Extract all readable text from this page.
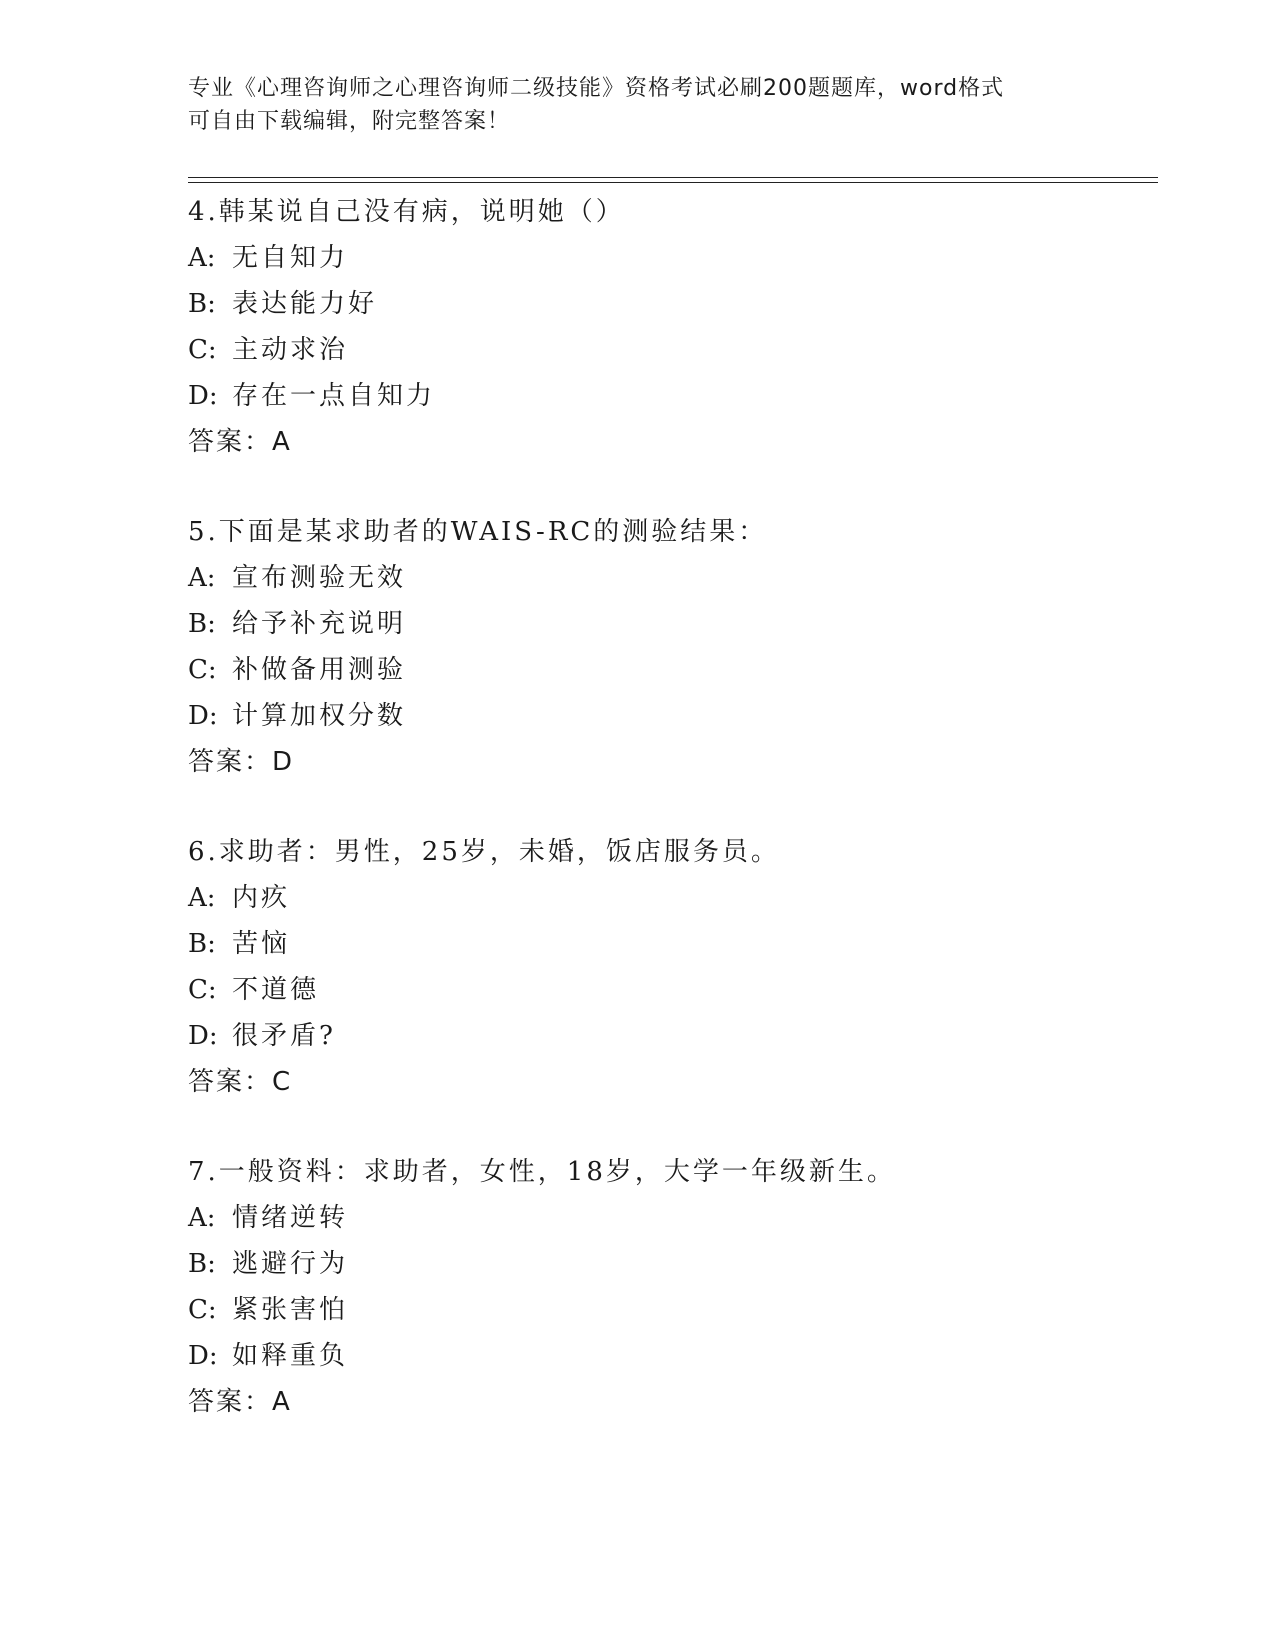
专业《心理咨询师之心理咨询师二级技能》资格考试必刷200题题库，word格式
可自由下载编辑，附完整答案！
4.韩某说自己没有病，说明她（）
A: 无自知力
B: 表达能力好
C: 主动求治
D: 存在一点自知力
答案：A
5.下面是某求助者的WAIS-RC的测验结果：
A: 宣布测验无效
B: 给予补充说明
C: 补做备用测验
D: 计算加权分数
答案：D
6.求助者：男性，25岁，未婚，饭店服务员。
A: 内疚
B: 苦恼
C: 不道德
D: 很矛盾?
答案：C
7.一般资料：求助者，女性，18岁，大学一年级新生。
A: 情绪逆转
B: 逃避行为
C: 紧张害怕
D: 如释重负
答案：A
